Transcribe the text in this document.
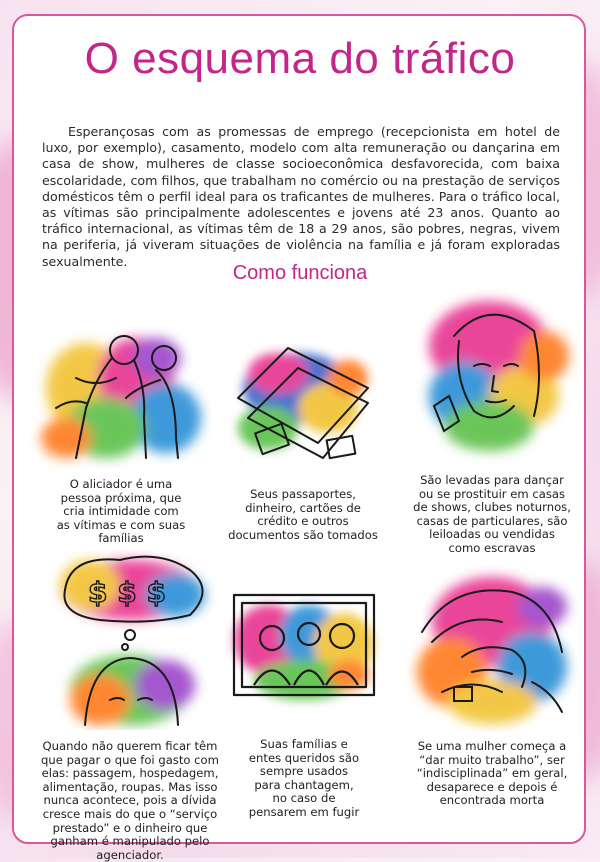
O esquema do tráfico

Esperançosas com as promessas de emprego (recepcionista em hotel de luxo, por exemplo), casamento, modelo com alta remuneração ou dançarina em casa de show, mulheres de classe socioeconômica desfavorecida, com baixa escolaridade, com filhos, que trabalham no comércio ou na prestação de serviços domésticos têm o perfil ideal para os traficantes de mulheres. Para o tráfico local, as vítimas são principalmente adolescentes e jovens até 23 anos. Quanto ao tráfico internacional, as vítimas têm de 18 a 29 anos, são pobres, negras, vivem na periferia, já viveram situações de violência na família e já foram exploradas sexualmente.

Como funciona
O aliciador é uma pessoa próxima, que cria intimidade com as vítimas e com suas famílias
Seus passaportes, dinheiro, cartões de crédito e outros documentos são tomados
São levadas para dançar ou se prostituir em casas de shows, clubes noturnos, casas de particulares, são leiloadas ou vendidas como escravas
$ $ $
Quando não querem ficar têm que pagar o que foi gasto com elas: passagem, hospedagem, alimentação, roupas. Mas isso nunca acontece, pois a dívida cresce mais do que o “serviço prestado” e o dinheiro que ganham é manipulado pelo agenciador.
Suas famílias e entes queridos são sempre usados para chantagem, no caso de pensarem em fugir
Se uma mulher começa a “dar muito trabalho”, ser “indisciplinada” em geral, desaparece e depois é encontrada morta
